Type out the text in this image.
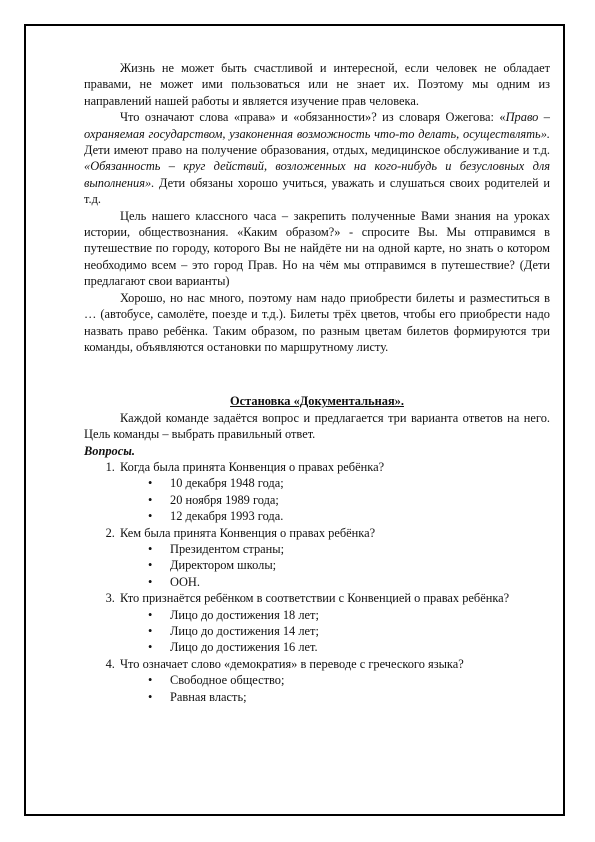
Жизнь не может быть счастливой и интересной, если человек не обладает правами, не может ими пользоваться или не знает их. Поэтому мы одним из направлений нашей работы и является изучение прав человека.

Что означают слова «права» и «обязанности»? из словаря Ожегова: «Право – охраняемая государством, узаконенная возможность что-то делать, осуществлять». Дети имеют право на получение образования, отдых, медицинское обслуживание и т.д. «Обязанность – круг действий, возложенных на кого-нибудь и безусловных для выполнения». Дети обязаны хорошо учиться, уважать и слушаться своих родителей и т.д.

Цель нашего классного часа – закрепить полученные Вами знания на уроках истории, обществознания. «Каким образом?» - спросите Вы. Мы отправимся в путешествие по городу, которого Вы не найдёте ни на одной карте, но знать о котором необходимо всем – это город Прав. Но на чём мы отправимся в путешествие? (Дети предлагают свои варианты)

Хорошо, но нас много, поэтому нам надо приобрести билеты и разместиться в … (автобусе, самолёте, поезде и т.д.). Билеты трёх цветов, чтобы его приобрести надо назвать право ребёнка. Таким образом, по разным цветам билетов формируются три команды, объявляются остановки по маршрутному листу.

Остановка «Документальная».

Каждой команде задаётся вопрос и предлагается три варианта ответов на него. Цель команды – выбрать правильный ответ.

Вопросы.

1. Когда была принята Конвенция о правах ребёнка?
• 10 декабря 1948 года;
• 20 ноября 1989 года;
• 12 декабря 1993 года.
2. Кем была принята Конвенция о правах ребёнка?
• Президентом страны;
• Директором школы;
• ООН.
3. Кто признаётся ребёнком в соответствии с Конвенцией о правах ребёнка?
• Лицо до достижения 18 лет;
• Лицо до достижения 14 лет;
• Лицо до достижения 16 лет.
4. Что означает слово «демократия» в переводе с греческого языка?
• Свободное общество;
• Равная власть;
